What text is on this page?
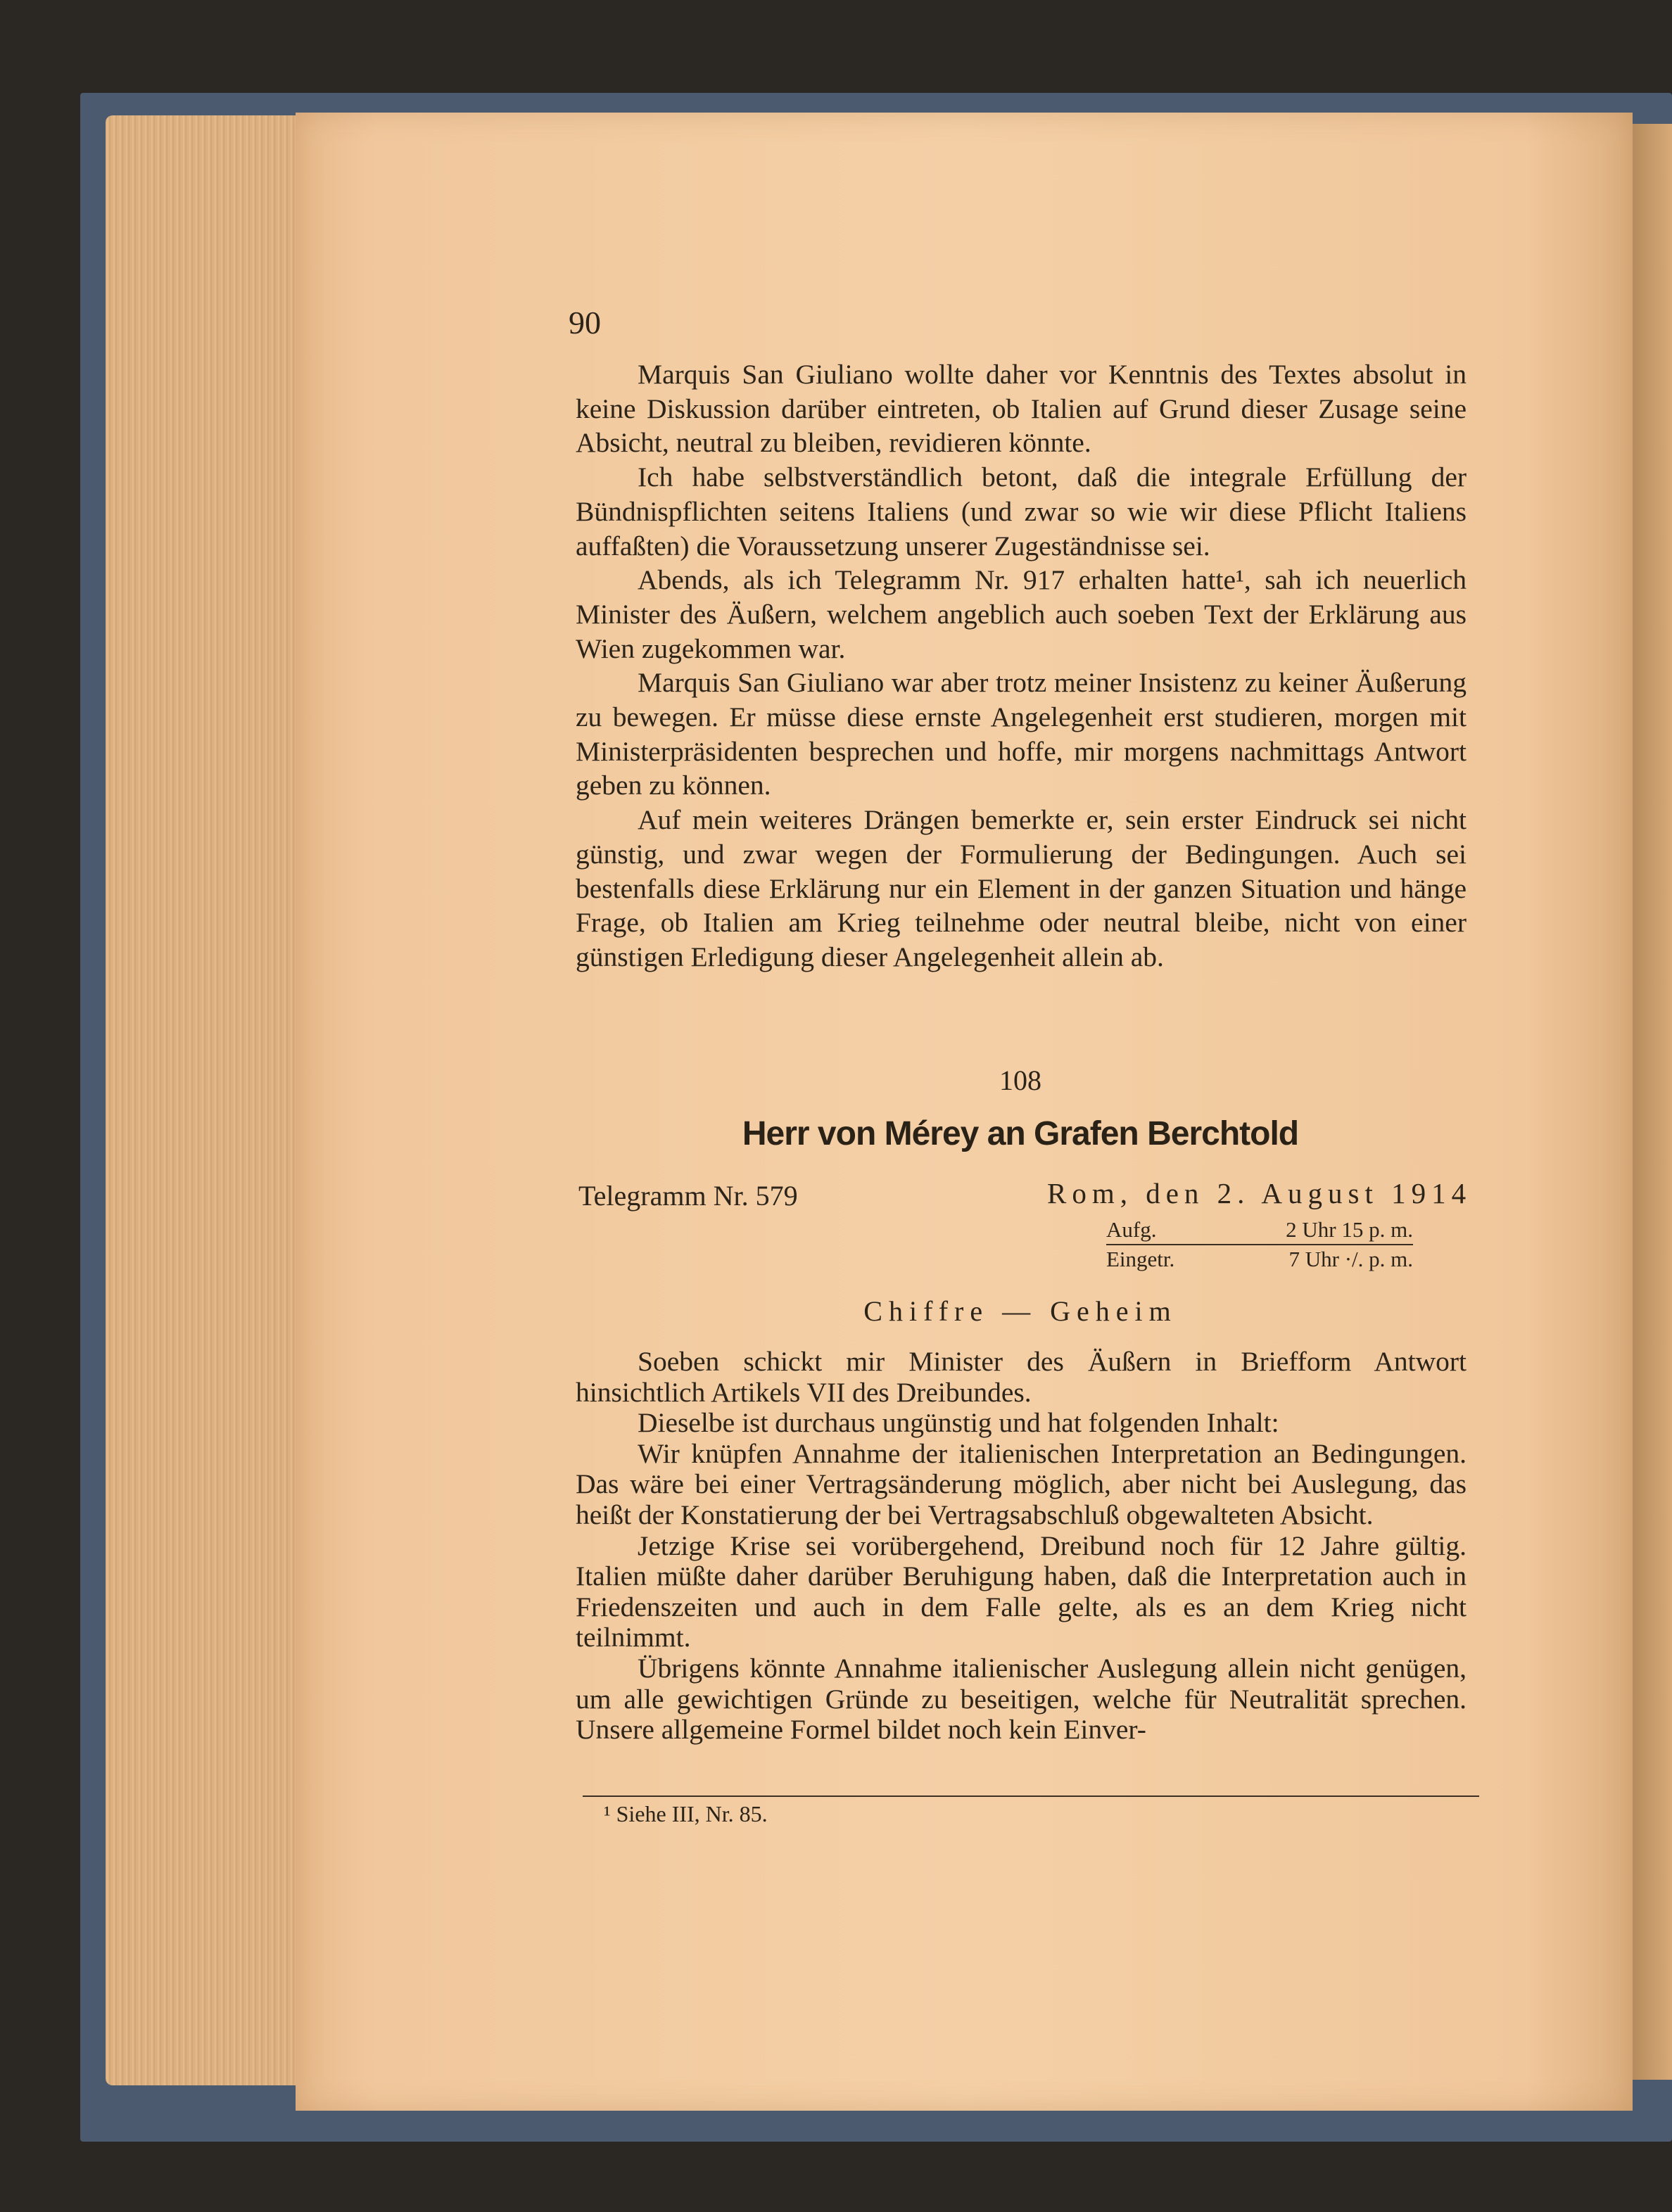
90

Marquis San Giuliano wollte daher vor Kenntnis des Textes absolut in keine Diskussion darüber eintreten, ob Italien auf Grund dieser Zusage seine Absicht, neutral zu bleiben, revidieren könnte.

Ich habe selbstverständlich betont, daß die integrale Erfüllung der Bündnispflichten seitens Italiens (und zwar so wie wir diese Pflicht Italiens auffaßten) die Voraussetzung unserer Zugeständnisse sei.

Abends, als ich Telegramm Nr. 917 erhalten hatte¹, sah ich neuerlich Minister des Äußern, welchem angeblich auch soeben Text der Erklärung aus Wien zugekommen war.

Marquis San Giuliano war aber trotz meiner Insistenz zu keiner Äußerung zu bewegen. Er müsse diese ernste Angelegenheit erst studieren, morgen mit Ministerpräsidenten besprechen und hoffe, mir morgens nachmittags Antwort geben zu können.

Auf mein weiteres Drängen bemerkte er, sein erster Eindruck sei nicht günstig, und zwar wegen der Formulierung der Bedingungen. Auch sei bestenfalls diese Erklärung nur ein Element in der ganzen Situation und hänge Frage, ob Italien am Krieg teilnehme oder neutral bleibe, nicht von einer günstigen Erledigung dieser Angelegenheit allein ab.

108
Herr von Mérey an Grafen Berchtold
Telegramm Nr. 579	Rom, den 2. August 1914
Aufg.	2 Uhr 15 p. m.
Eingetr.	7 Uhr ·/. p. m.
Chiffre — Geheim

Soeben schickt mir Minister des Äußern in Briefform Antwort hinsichtlich Artikels VII des Dreibundes.

Dieselbe ist durchaus ungünstig und hat folgenden Inhalt:

Wir knüpfen Annahme der italienischen Interpretation an Bedingungen. Das wäre bei einer Vertragsänderung möglich, aber nicht bei Auslegung, das heißt der Konstatierung der bei Vertragsabschluß obgewalteten Absicht.

Jetzige Krise sei vorübergehend, Dreibund noch für 12 Jahre gültig. Italien müßte daher darüber Beruhigung haben, daß die Interpretation auch in Friedenszeiten und auch in dem Falle gelte, als es an dem Krieg nicht teilnimmt.

Übrigens könnte Annahme italienischer Auslegung allein nicht genügen, um alle gewichtigen Gründe zu beseitigen, welche für Neutralität sprechen. Unsere allgemeine Formel bildet noch kein Einver-

¹ Siehe III, Nr. 85.
